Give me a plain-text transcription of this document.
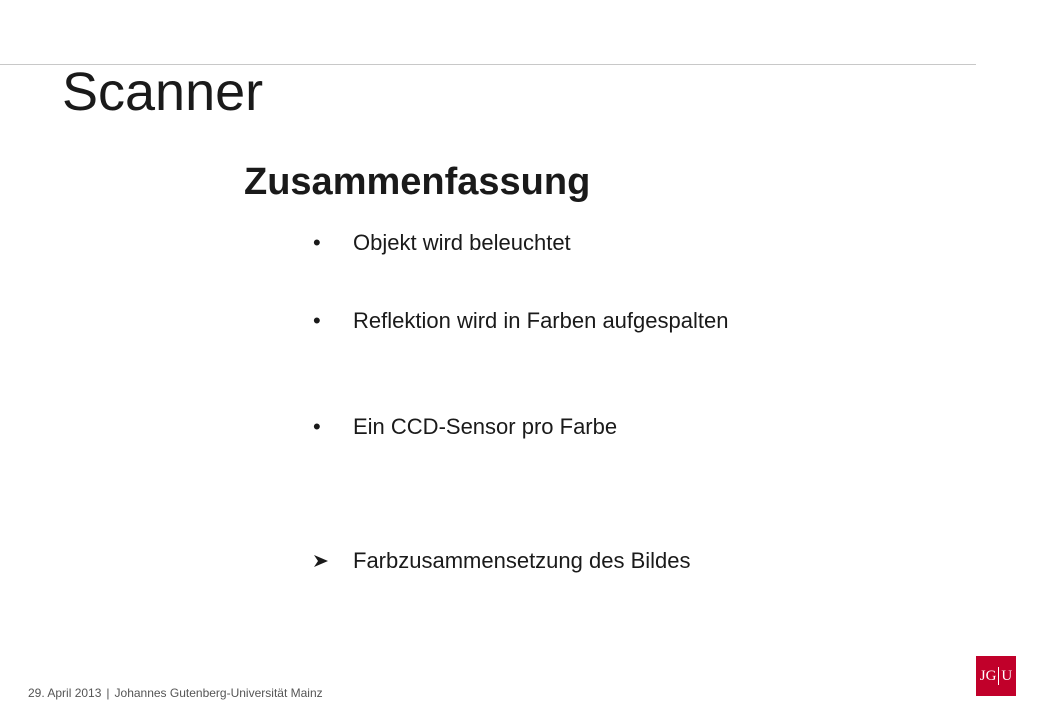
Scanner
Zusammenfassung
•	Objekt wird beleuchtet
•	Reflektion wird in Farben aufgespalten
•	Ein CCD-Sensor pro Farbe
Farbzusammensetzung des Bildes
29. April 2013 | Johannes Gutenberg-Universität Mainz
JG U
